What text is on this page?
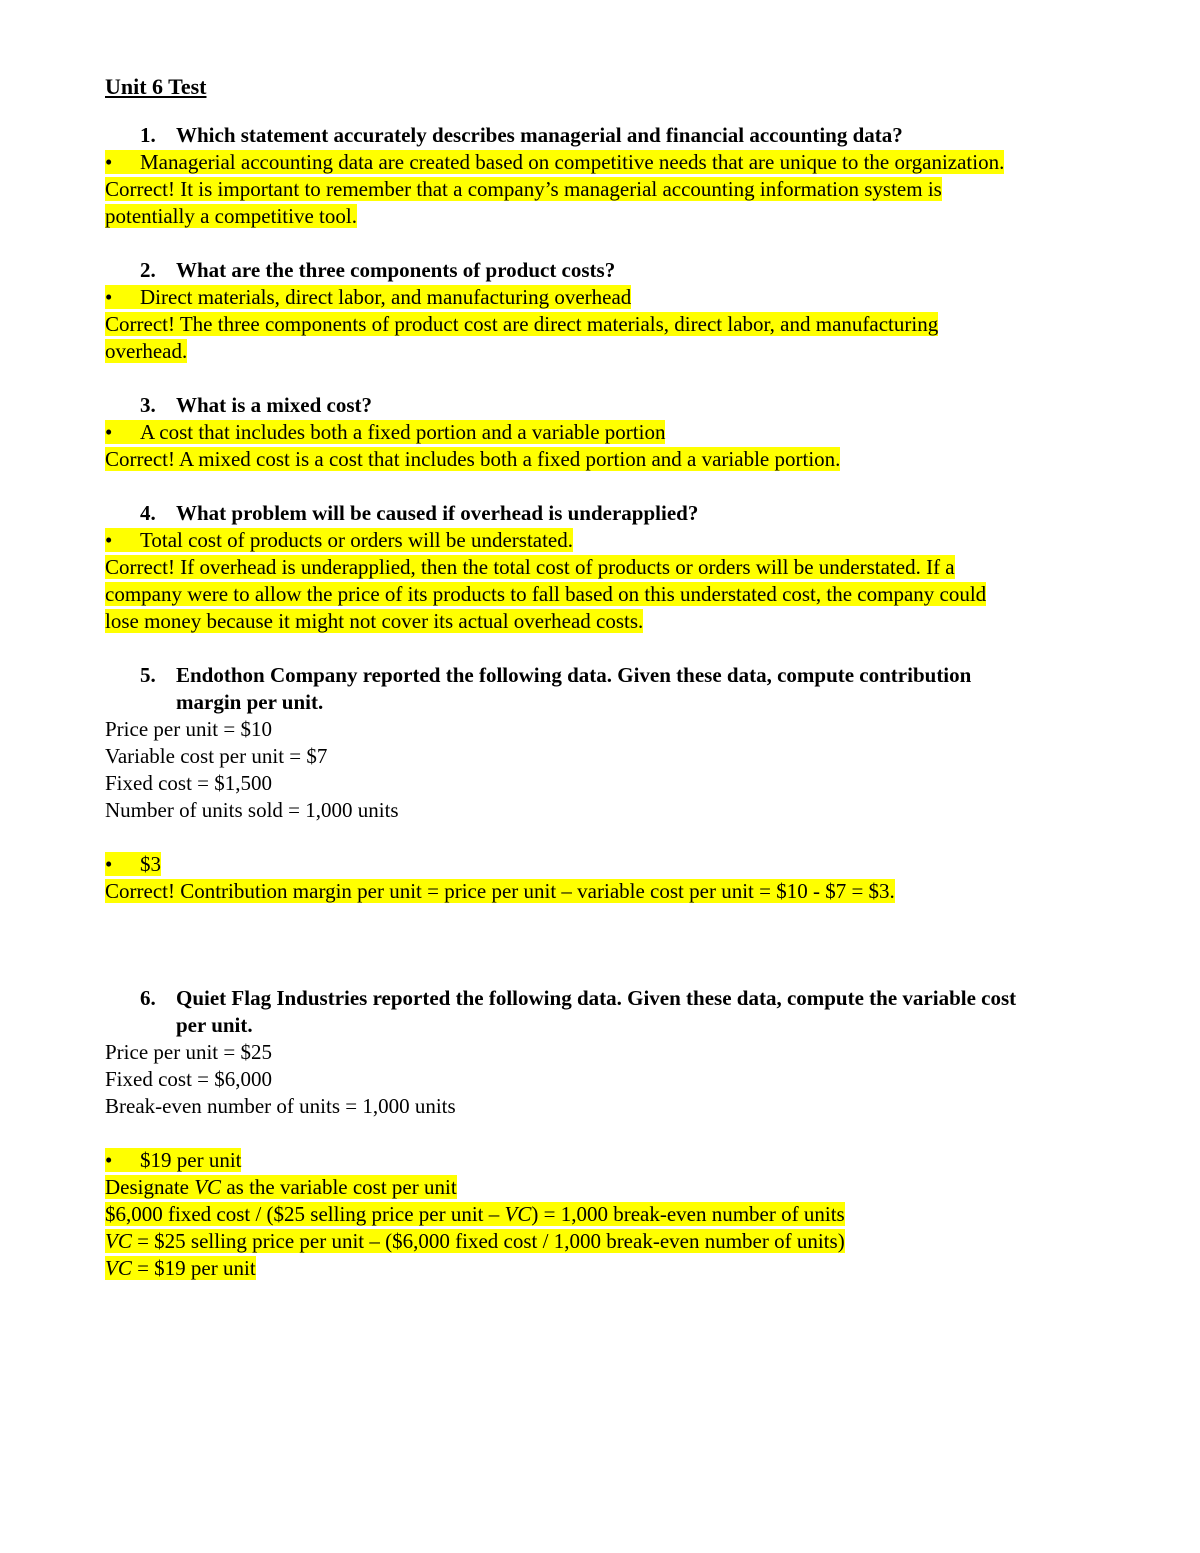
Unit 6 Test
1. Which statement accurately describes managerial and financial accounting data?
• Managerial accounting data are created based on competitive needs that are unique to the organization.
Correct! It is important to remember that a company’s managerial accounting information system is
potentially a competitive tool.
2. What are the three components of product costs?
• Direct materials, direct labor, and manufacturing overhead
Correct! The three components of product cost are direct materials, direct labor, and manufacturing
overhead.
3. What is a mixed cost?
• A cost that includes both a fixed portion and a variable portion
Correct! A mixed cost is a cost that includes both a fixed portion and a variable portion.
4. What problem will be caused if overhead is underapplied?
• Total cost of products or orders will be understated.
Correct! If overhead is underapplied, then the total cost of products or orders will be understated. If a
company were to allow the price of its products to fall based on this understated cost, the company could
lose money because it might not cover its actual overhead costs.
5. Endothon Company reported the following data. Given these data, compute contribution
margin per unit.
Price per unit = $10
Variable cost per unit = $7
Fixed cost = $1,500
Number of units sold = 1,000 units
• $3
Correct! Contribution margin per unit = price per unit – variable cost per unit = $10 - $7 = $3.
6. Quiet Flag Industries reported the following data. Given these data, compute the variable cost
per unit.
Price per unit = $25
Fixed cost = $6,000
Break-even number of units = 1,000 units
• $19 per unit
Designate VC as the variable cost per unit
$6,000 fixed cost / ($25 selling price per unit – VC) = 1,000 break-even number of units
VC = $25 selling price per unit – ($6,000 fixed cost / 1,000 break-even number of units)
VC = $19 per unit
